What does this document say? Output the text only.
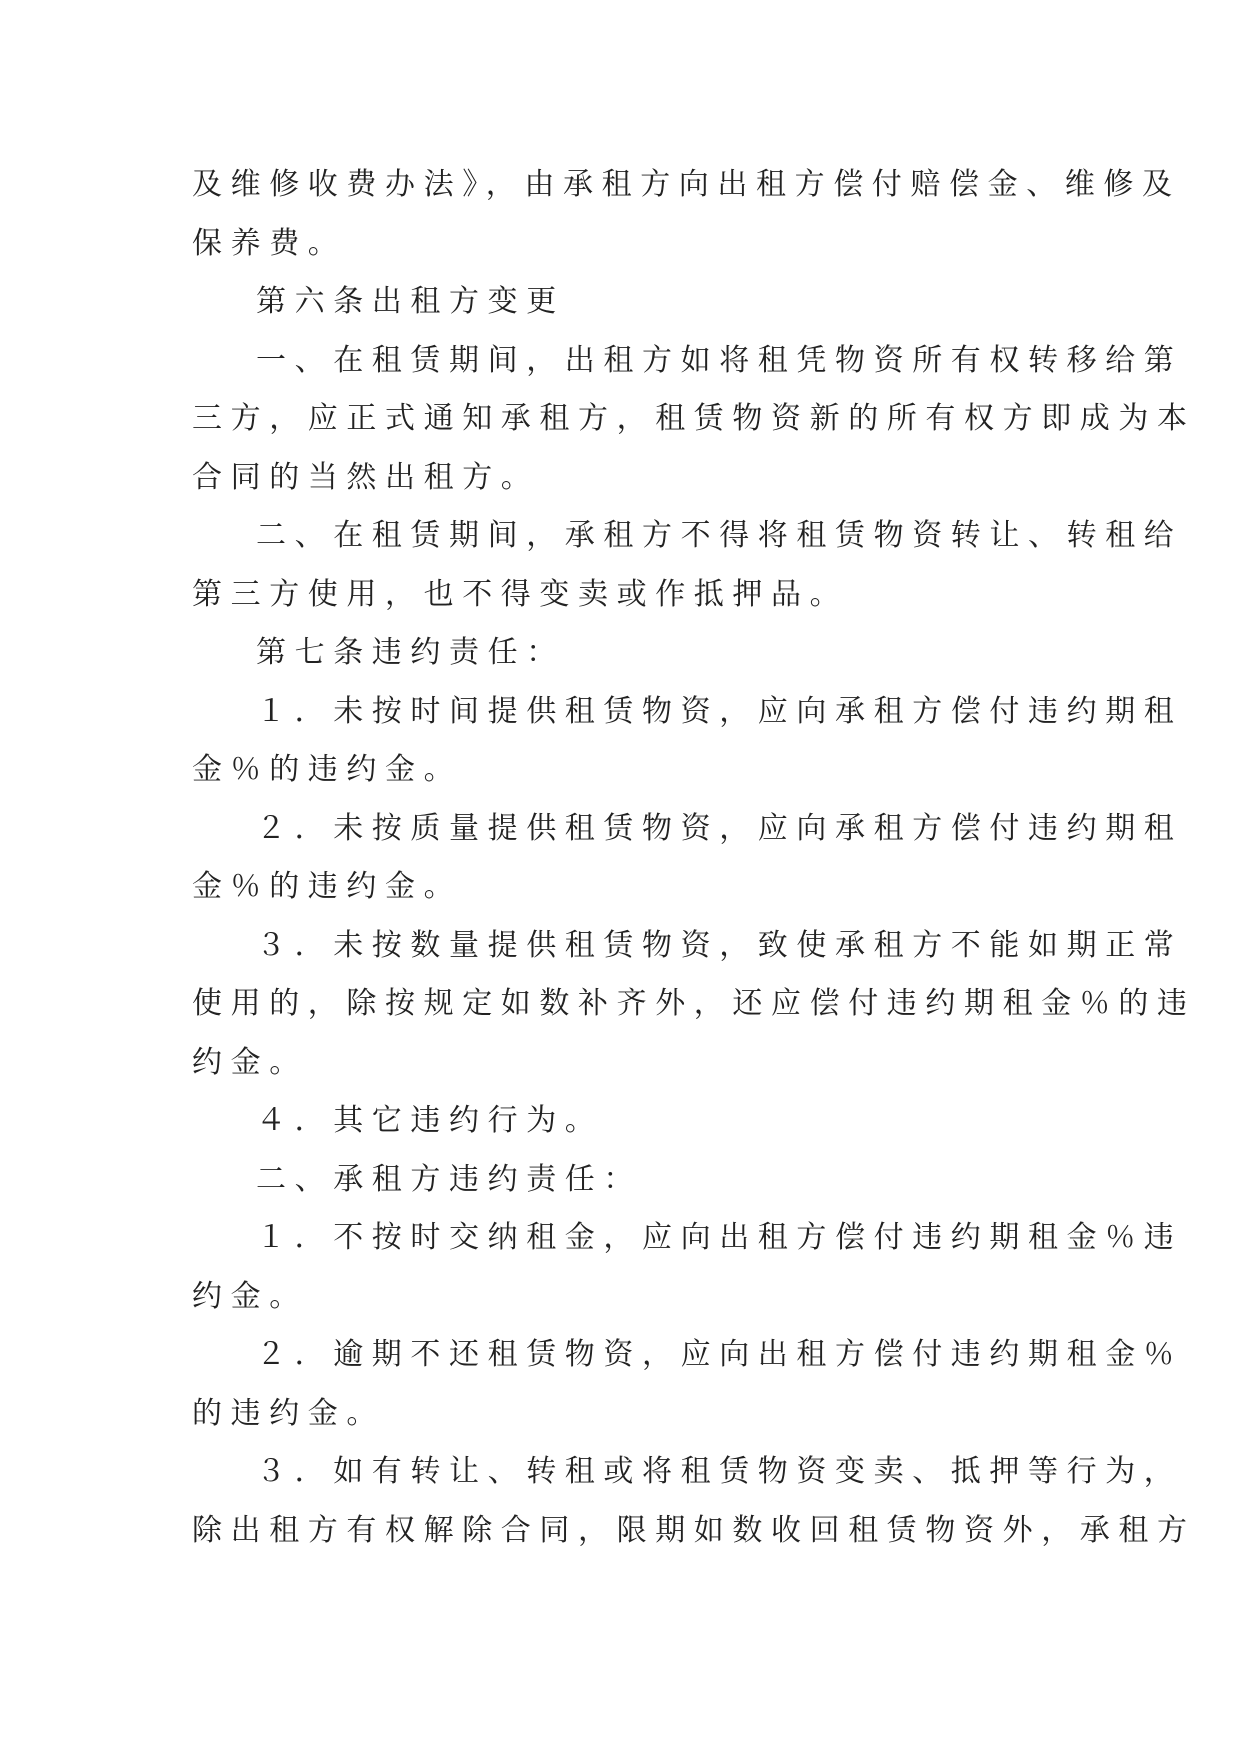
及维修收费办法》，由承租方向出租方偿付赔偿金、维修及
保养费。
第六条出租方变更
一、在租赁期间，出租方如将租凭物资所有权转移给第
三方，应正式通知承租方，租赁物资新的所有权方即成为本
合同的当然出租方。
二、在租赁期间，承租方不得将租赁物资转让、转租给
第三方使用，也不得变卖或作抵押品。
第七条违约责任：
１．未按时间提供租赁物资，应向承租方偿付违约期租
金％的违约金。
２．未按质量提供租赁物资，应向承租方偿付违约期租
金％的违约金。
３．未按数量提供租赁物资，致使承租方不能如期正常
使用的，除按规定如数补齐外，还应偿付违约期租金％的违
约金。
４．其它违约行为。
二、承租方违约责任：
１．不按时交纳租金，应向出租方偿付违约期租金％违
约金。
２．逾期不还租赁物资，应向出租方偿付违约期租金％
的违约金。
３．如有转让、转租或将租赁物资变卖、抵押等行为，
除出租方有权解除合同，限期如数收回租赁物资外，承租方
